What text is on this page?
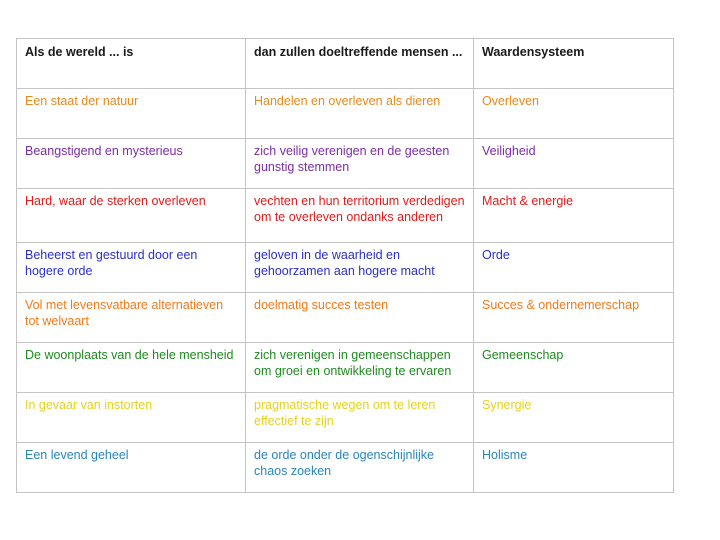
Als de wereld ... is	dan zullen doeltreffende mensen ...	Waardensysteem
Een staat der natuur	Handelen en overleven als dieren	Overleven
Beangstigend en mysterieus	zich veilig verenigen en de geesten gunstig stemmen	Veiligheid
Hard, waar de sterken overleven	vechten en hun territorium verdedigen om te overleven ondanks anderen	Macht & energie
Beheerst en gestuurd door een hogere orde	geloven in de waarheid en gehoorzamen aan hogere macht	Orde
Vol met levensvatbare alternatieven tot welvaart	doelmatig succes testen	Succes & ondernemerschap
De woonplaats van de hele mensheid	zich verenigen in gemeenschappen om groei en ontwikkeling te ervaren	Gemeenschap
In gevaar van instorten	pragmatische wegen om te leren effectief te zijn	Synergie
Een levend geheel	de orde onder de ogenschijnlijke chaos zoeken	Holisme
